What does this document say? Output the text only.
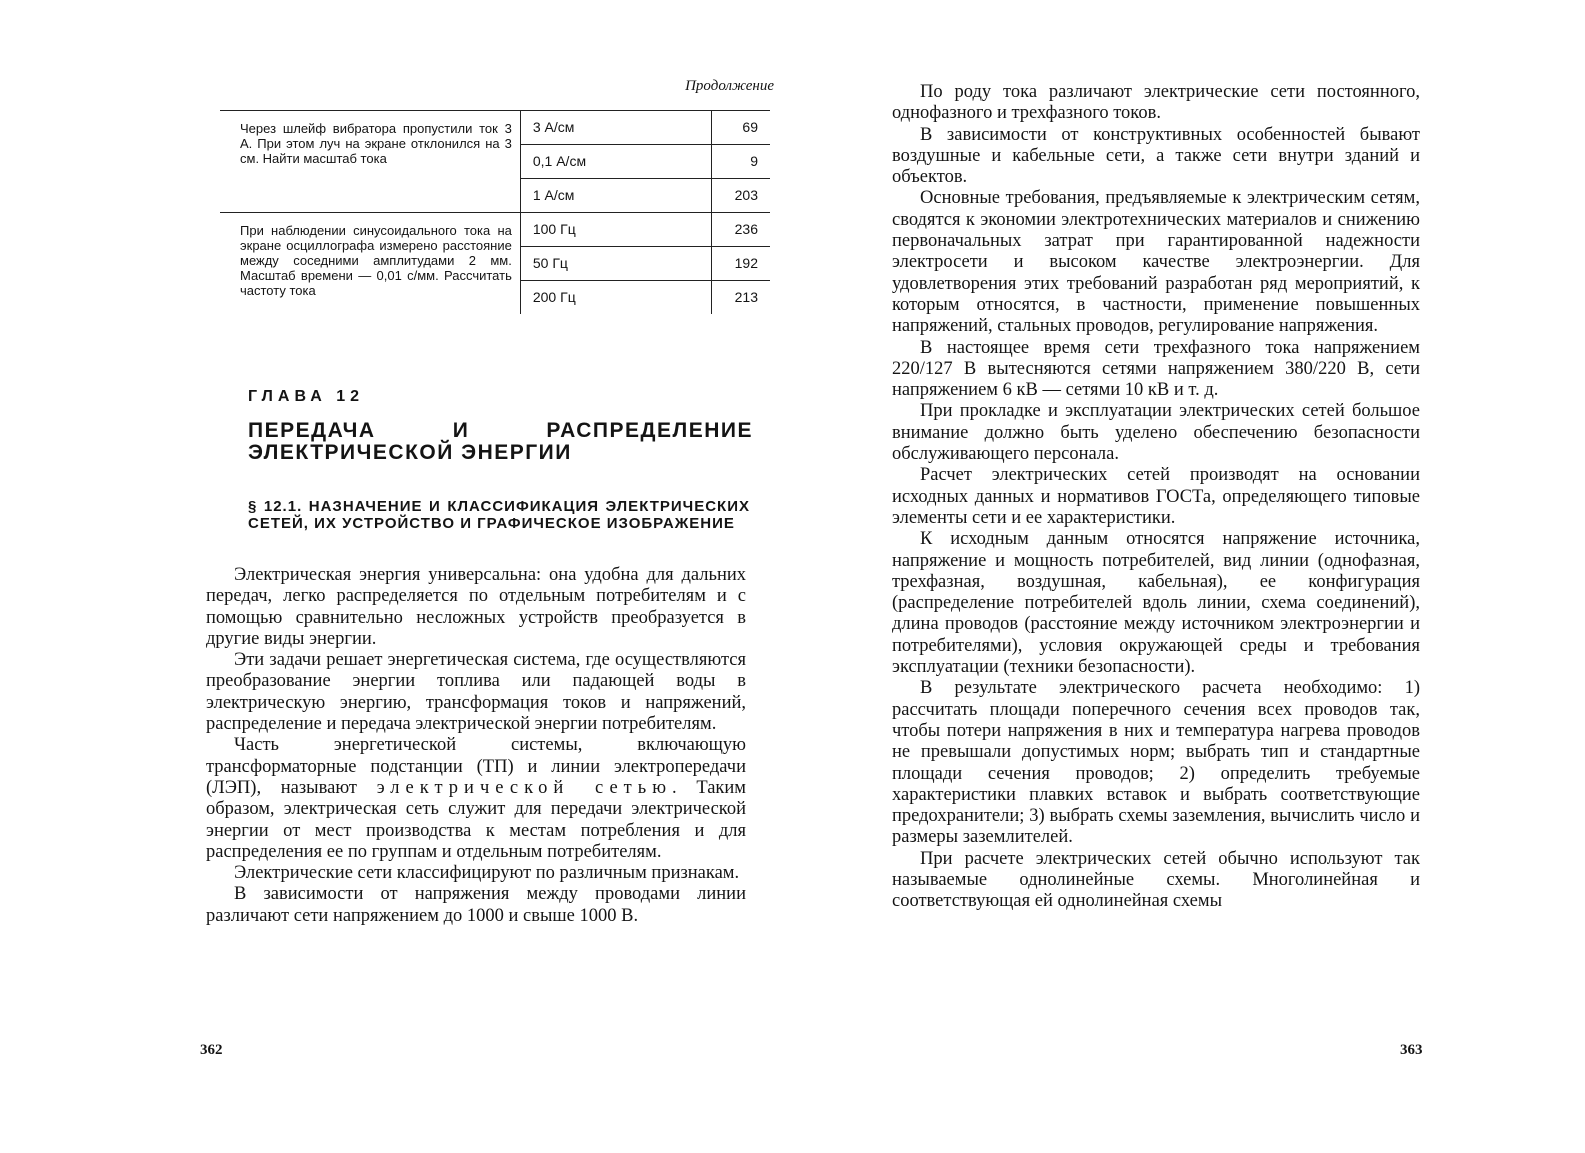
Продолжение
Через шлейф вибратора пропустили ток 3 А. При этом луч на экране отклонился на 3 см. Найти масштаб тока	3 А/см	69
	0,1 А/см	9
	1 А/см	203
При наблюдении синусоидального тока на экране осциллографа измерено расстояние между соседними амплитудами 2 мм. Масштаб времени — 0,01 с/мм. Рассчитать частоту тока	100 Гц	236
	50 Гц	192
	200 Гц	213
ГЛАВА 12
ПЕРЕДАЧА И РАСПРЕДЕЛЕНИЕ ЭЛЕКТРИЧЕСКОЙ ЭНЕРГИИ
§ 12.1. НАЗНАЧЕНИЕ И КЛАССИФИКАЦИЯ ЭЛЕКТРИЧЕСКИХ СЕТЕЙ, ИХ УСТРОЙСТВО И ГРАФИЧЕСКОЕ ИЗОБРАЖЕНИЕ

Электрическая энергия универсальна: она удобна для дальних передач, легко распределяется по отдельным потребителям и с помощью сравнительно несложных устройств преобразуется в другие виды энергии.

Эти задачи решает энергетическая система, где осуществляются преобразование энергии топлива или падающей воды в электрическую энергию, трансформация токов и напряжений, распределение и передача электрической энергии потребителям.

Часть энергетической системы, включающую трансформаторные подстанции (ТП) и линии электропередачи (ЛЭП), называют электрической сетью. Таким образом, электрическая сеть служит для передачи электрической энергии от мест производства к местам потребления и для распределения ее по группам и отдельным потребителям.

Электрические сети классифицируют по различным признакам.

В зависимости от напряжения между проводами линии различают сети напряжением до 1000 и свыше 1000 В.

362

По роду тока различают электрические сети постоянного, однофазного и трехфазного токов.

В зависимости от конструктивных особенностей бывают воздушные и кабельные сети, а также сети внутри зданий и объектов.

Основные требования, предъявляемые к электрическим сетям, сводятся к экономии электротехнических материалов и снижению первоначальных затрат при гарантированной надежности электросети и высоком качестве электроэнергии. Для удовлетворения этих требований разработан ряд мероприятий, к которым относятся, в частности, применение повышенных напряжений, стальных проводов, регулирование напряжения.

В настоящее время сети трехфазного тока напряжением 220/127 В вытесняются сетями напряжением 380/220 В, сети напряжением 6 кВ — сетями 10 кВ и т. д.

При прокладке и эксплуатации электрических сетей большое внимание должно быть уделено обеспечению безопасности обслуживающего персонала.

Расчет электрических сетей производят на основании исходных данных и нормативов ГОСТа, определяющего типовые элементы сети и ее характеристики.

К исходным данным относятся напряжение источника, напряжение и мощность потребителей, вид линии (однофазная, трехфазная, воздушная, кабельная), ее конфигурация (распределение потребителей вдоль линии, схема соединений), длина проводов (расстояние между источником электроэнергии и потребителями), условия окружающей среды и требования эксплуатации (техники безопасности).

В результате электрического расчета необходимо: 1) рассчитать площади поперечного сечения всех проводов так, чтобы потери напряжения в них и температура нагрева проводов не превышали допустимых норм; выбрать тип и стандартные площади сечения проводов; 2) определить требуемые характеристики плавких вставок и выбрать соответствующие предохранители; 3) выбрать схемы заземления, вычислить число и размеры заземлителей.

При расчете электрических сетей обычно используют так называемые однолинейные схемы. Многолинейная и соответствующая ей однолинейная схемы

363
